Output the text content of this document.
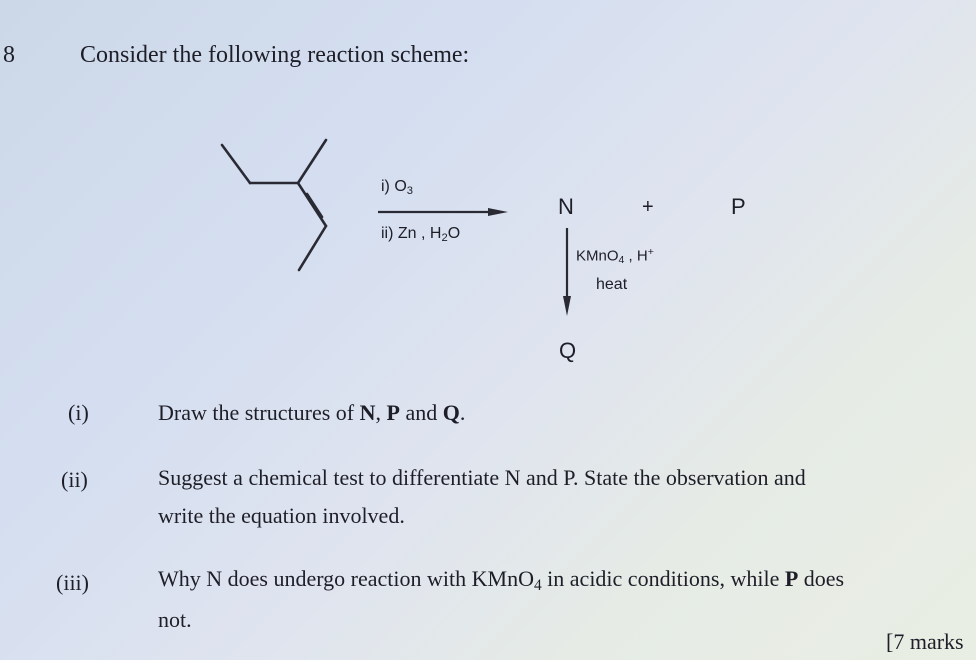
8	Consider the following reaction scheme:
i) $O_3$
ii) Zn , $H_2O$
N	+	P
KMnO$_4$ , H+
heat
Q
(i)	Draw the structures of N, P and Q.
(ii)	Suggest a chemical test to differentiate N and P. State the observation and
write the equation involved.
(iii)	Why N does undergo reaction with KMnO$_4$ in acidic conditions, while P does
not.
[7 marks
